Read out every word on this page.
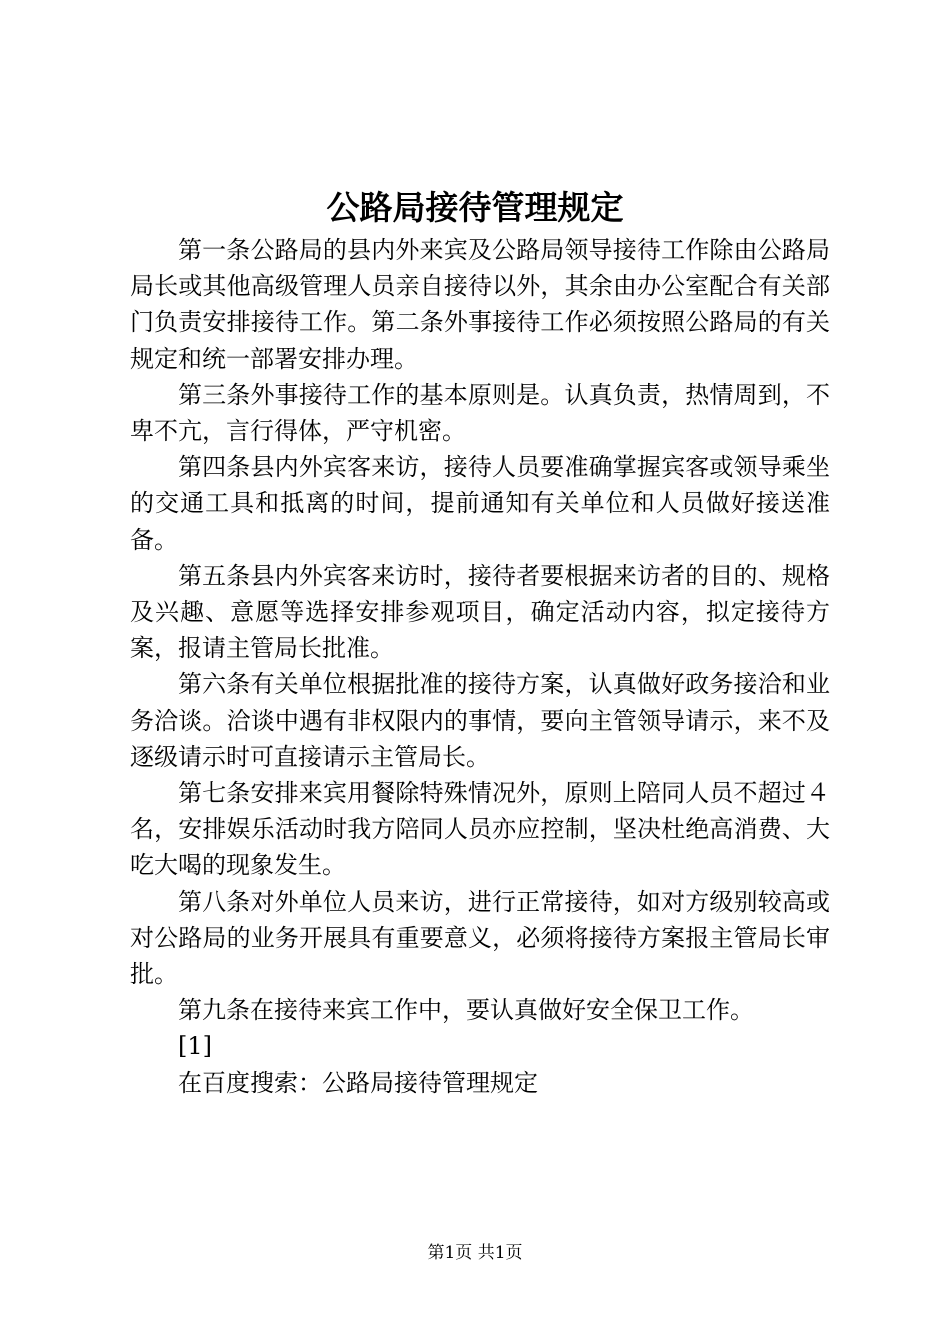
公路局接待管理规定

第一条公路局的县内外来宾及公路局领导接待工作除由公路局局长或其他高级管理人员亲自接待以外，其余由办公室配合有关部门负责安排接待工作。第二条外事接待工作必须按照公路局的有关规定和统一部署安排办理。

第三条外事接待工作的基本原则是。认真负责，热情周到，不卑不亢，言行得体，严守机密。

第四条县内外宾客来访，接待人员要准确掌握宾客或领导乘坐的交通工具和抵离的时间，提前通知有关单位和人员做好接送准备。

第五条县内外宾客来访时，接待者要根据来访者的目的、规格及兴趣、意愿等选择安排参观项目，确定活动内容，拟定接待方案，报请主管局长批准。

第六条有关单位根据批准的接待方案，认真做好政务接洽和业务洽谈。洽谈中遇有非权限内的事情，要向主管领导请示，来不及逐级请示时可直接请示主管局长。

第七条安排来宾用餐除特殊情况外，原则上陪同人员不超过４名，安排娱乐活动时我方陪同人员亦应控制，坚决杜绝高消费、大吃大喝的现象发生。

第八条对外单位人员来访，进行正常接待，如对方级别较高或对公路局的业务开展具有重要意义，必须将接待方案报主管局长审批。

第九条在接待来宾工作中，要认真做好安全保卫工作。

[1]

在百度搜索：公路局接待管理规定

第1页 共1页
